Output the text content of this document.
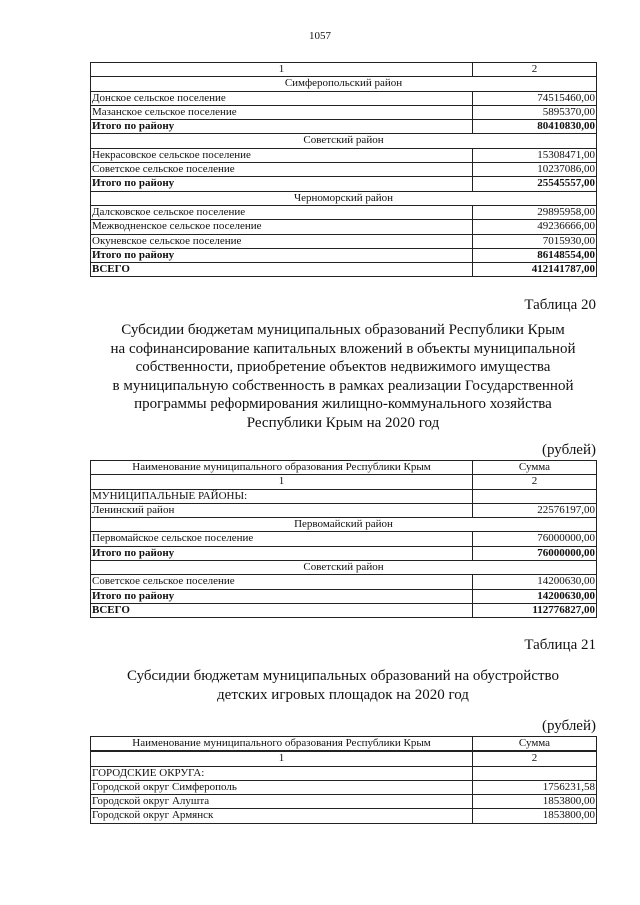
1057
1	2
Симферопольский район	
Донское сельское поселение	74515460,00
Мазанское сельское поселение	5895370,00
Итого по району	80410830,00
Советский район	
Некрасовское сельское поселение	15308471,00
Советское сельское поселение	10237086,00
Итого по району	25545557,00
Черноморский район	
Далсковское сельское поселение	29895958,00
Межводненское сельское поселение	49236666,00
Окуневское сельское поселение	7015930,00
Итого по району	86148554,00
ВСЕГО	412141787,00
Таблица 20
Субсидии бюджетам муниципальных образований Республики Крым
на софинансирование капитальных вложений в объекты муниципальной
собственности, приобретение объектов недвижимого имущества
в муниципальную собственность в рамках реализации Государственной
программы реформирования жилищно-коммунального хозяйства
Республики Крым на 2020 год
(рублей)
Наименование муниципального образования Республики Крым	Сумма
1	2
МУНИЦИПАЛЬНЫЕ РАЙОНЫ:	
Ленинский район	22576197,00
Первомайский район	
Первомайское сельское поселение	76000000,00
Итого по району	76000000,00
Советский район	
Советское сельское поселение	14200630,00
Итого по району	14200630,00
ВСЕГО	112776827,00
Таблица 21
Субсидии бюджетам муниципальных образований на обустройство
детских игровых площадок на 2020 год
(рублей)
Наименование муниципального образования Республики Крым	Сумма
1	2
ГОРОДСКИЕ ОКРУГА:	
Городской округ Симферополь	1756231,58
Городской округ Алушта	1853800,00
Городской округ Армянск	1853800,00
